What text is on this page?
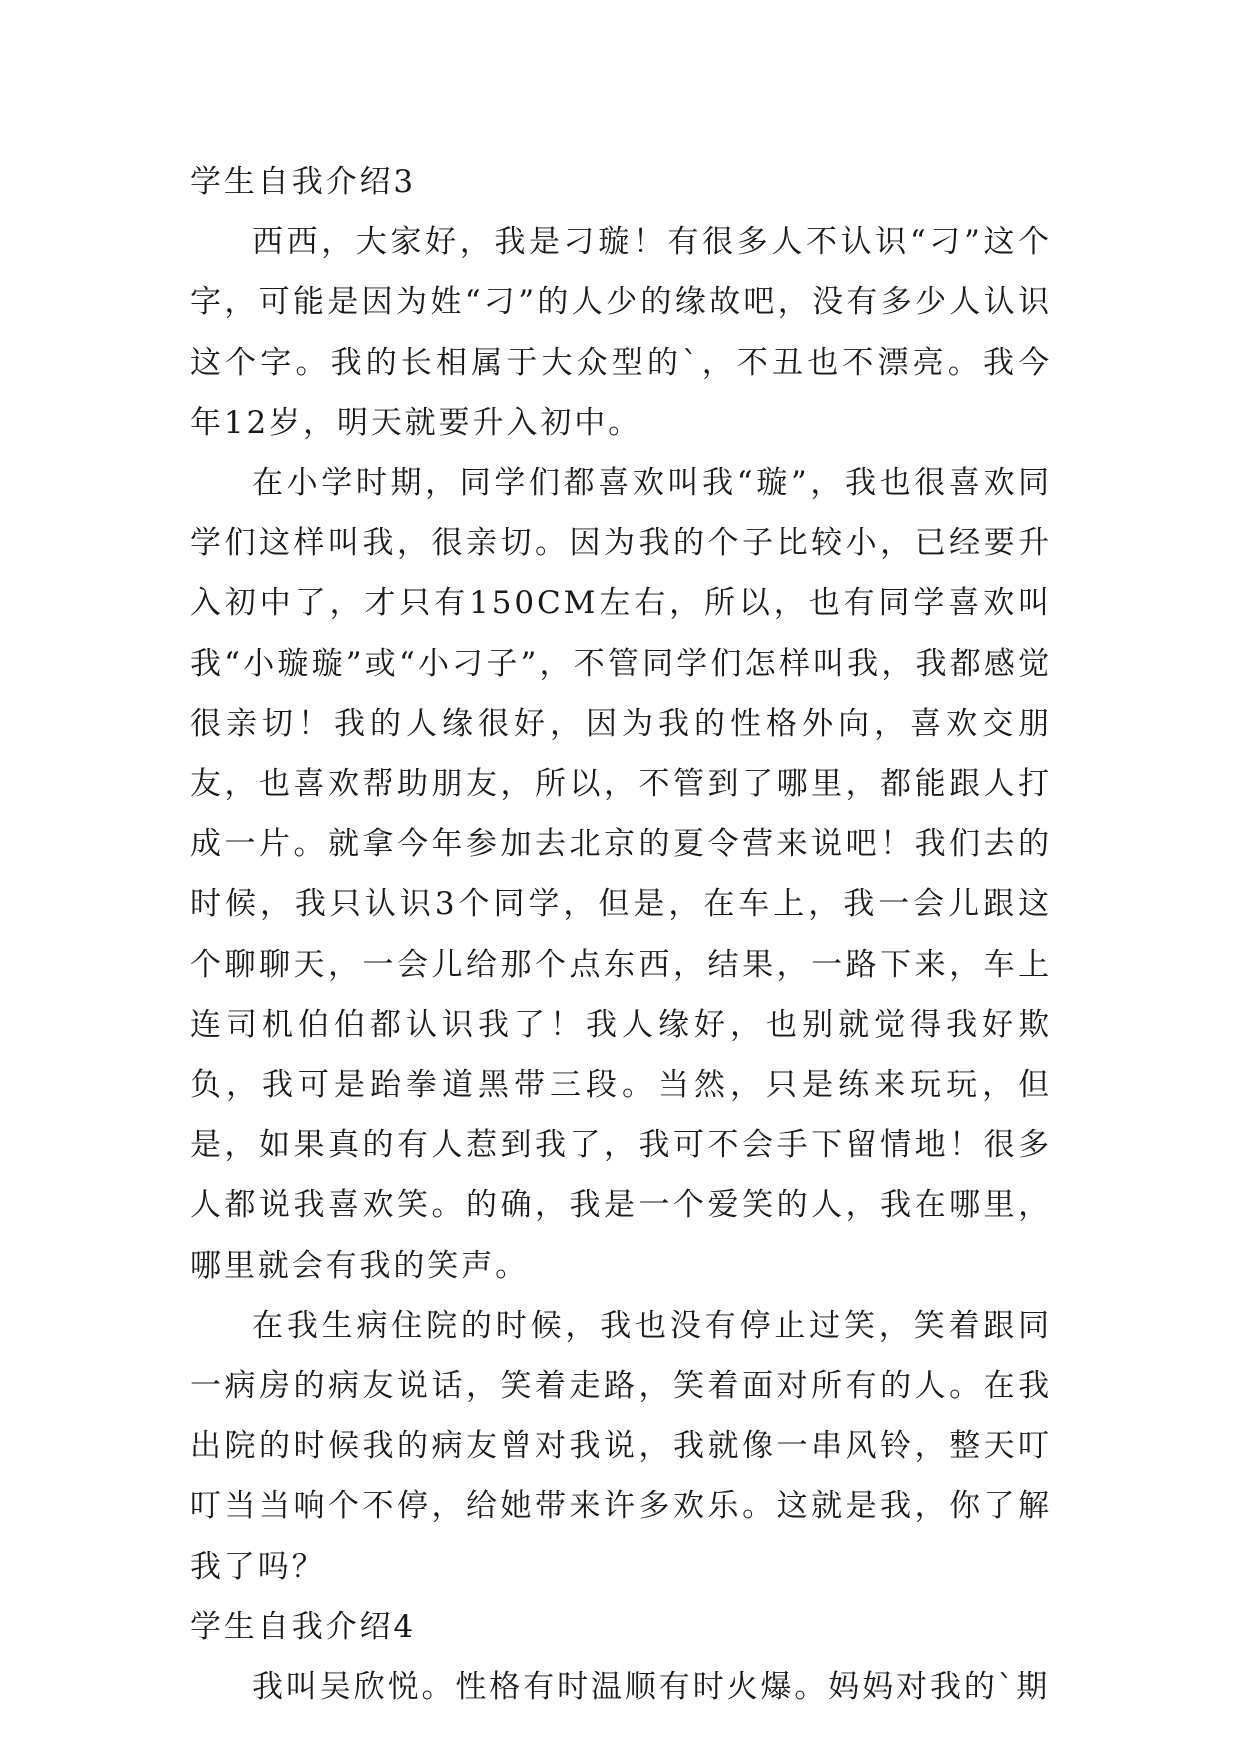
学生自我介绍3

西西，大家好，我是刁璇！有很多人不认识“刁”这个字，可能是因为姓“刁”的人少的缘故吧，没有多少人认识这个字。我的长相属于大众型的`，不丑也不漂亮。我今年12岁，明天就要升入初中。

在小学时期，同学们都喜欢叫我“璇”，我也很喜欢同学们这样叫我，很亲切。因为我的个子比较小，已经要升入初中了，才只有150CM左右，所以，也有同学喜欢叫我“小璇璇”或“小刁子”，不管同学们怎样叫我，我都感觉很亲切！我的人缘很好，因为我的性格外向，喜欢交朋友，也喜欢帮助朋友，所以，不管到了哪里，都能跟人打成一片。就拿今年参加去北京的夏令营来说吧！我们去的时候，我只认识3个同学，但是，在车上，我一会儿跟这个聊聊天，一会儿给那个点东西，结果，一路下来，车上连司机伯伯都认识我了！我人缘好，也别就觉得我好欺负，我可是跆拳道黑带三段。当然，只是练来玩玩，但是，如果真的有人惹到我了，我可不会手下留情地！很多人都说我喜欢笑。的确，我是一个爱笑的人，我在哪里，哪里就会有我的笑声。

在我生病住院的时候，我也没有停止过笑，笑着跟同一病房的病友说话，笑着走路，笑着面对所有的人。在我出院的时候我的病友曾对我说，我就像一串风铃，整天叮叮当当响个不停，给她带来许多欢乐。这就是我，你了解我了吗？

学生自我介绍4

我叫吴欣悦。性格有时温顺有时火爆。妈妈对我的`期
